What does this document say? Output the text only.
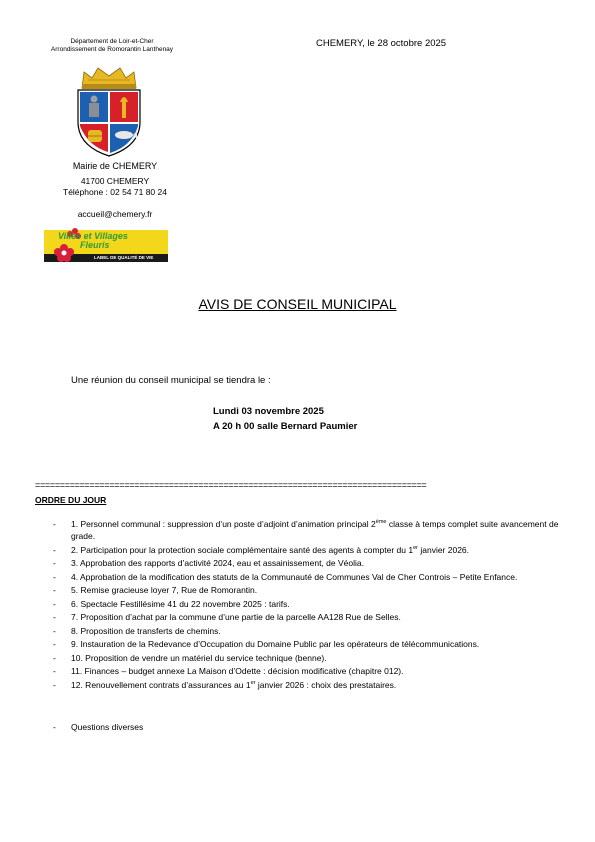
Département de Loir-et-Cher
Arrondissement de Romorantin Lanthenay
CHEMERY, le 28 octobre 2025
Mairie de CHEMERY
41700 CHEMERY
Téléphone : 02 54 71 80 24
accueil@chemery.fr
Villes et Villages
Fleuris
LABEL DE QUALITÉ DE VIE
AVIS DE CONSEIL MUNICIPAL
Une réunion du conseil municipal se tiendra le :
Lundi 03 novembre 2025
A 20 h 00 salle Bernard Paumier
===============================================================================
ORDRE DU JOUR
- 1. Personnel communal : suppression d’un poste d’adjoint d’animation principal 2ème classe à temps complet suite avancement de grade.
- 2. Participation pour la protection sociale complémentaire santé des agents à compter du 1er janvier 2026.
- 3. Approbation des rapports d’activité 2024, eau et assainissement, de Véolia.
- 4. Approbation de la modification des statuts de la Communauté de Communes Val de Cher Controis – Petite Enfance.
- 5. Remise gracieuse loyer 7, Rue de Romorantin.
- 6. Spectacle Festillésime 41 du 22 novembre 2025 : tarifs.
- 7. Proposition d’achat par la commune d’une partie de la parcelle AA128 Rue de Selles.
- 8. Proposition de transferts de chemins.
- 9. Instauration de la Redevance d’Occupation du Domaine Public par les opérateurs de télécommunications.
- 10. Proposition de vendre un matériel du service technique (benne).
- 11. Finances – budget annexe La Maison d’Odette : décision modificative (chapitre 012).
- 12. Renouvellement contrats d’assurances au 1er janvier 2026 : choix des prestataires.
- Questions diverses
